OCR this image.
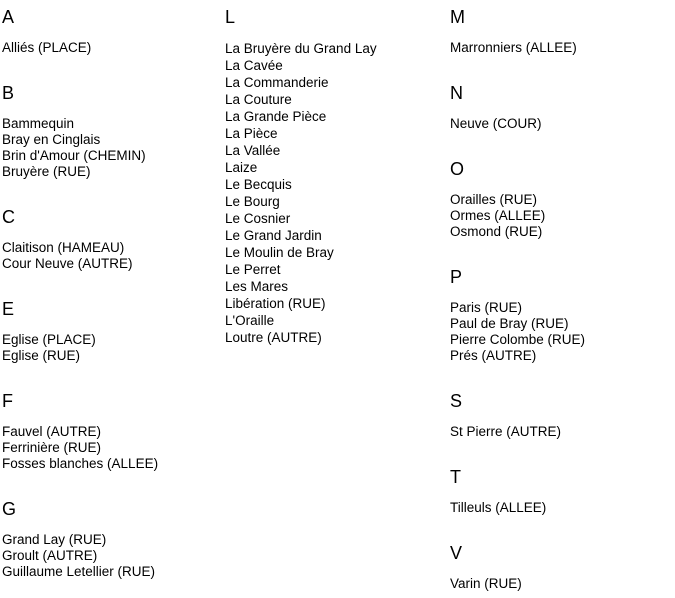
A
Alliés (PLACE)
B
Bammequin
Bray en Cinglais
Brin d'Amour (CHEMIN)
Bruyère (RUE)
C
Claitison (HAMEAU)
Cour Neuve (AUTRE)
E
Eglise (PLACE)
Eglise (RUE)
F
Fauvel (AUTRE)
Ferrinière (RUE)
Fosses blanches (ALLEE)
G
Grand Lay (RUE)
Groult (AUTRE)
Guillaume Letellier (RUE)
L
La Bruyère du Grand Lay
La Cavée
La Commanderie
La Couture
La Grande Pièce
La Pièce
La Vallée
Laize
Le Becquis
Le Bourg
Le Cosnier
Le Grand Jardin
Le Moulin de Bray
Le Perret
Les Mares
Libération (RUE)
L'Oraille
Loutre (AUTRE)
M
Marronniers (ALLEE)
N
Neuve (COUR)
O
Orailles (RUE)
Ormes (ALLEE)
Osmond (RUE)
P
Paris (RUE)
Paul de Bray (RUE)
Pierre Colombe (RUE)
Prés (AUTRE)
S
St Pierre (AUTRE)
T
Tilleuls (ALLEE)
V
Varin (RUE)
